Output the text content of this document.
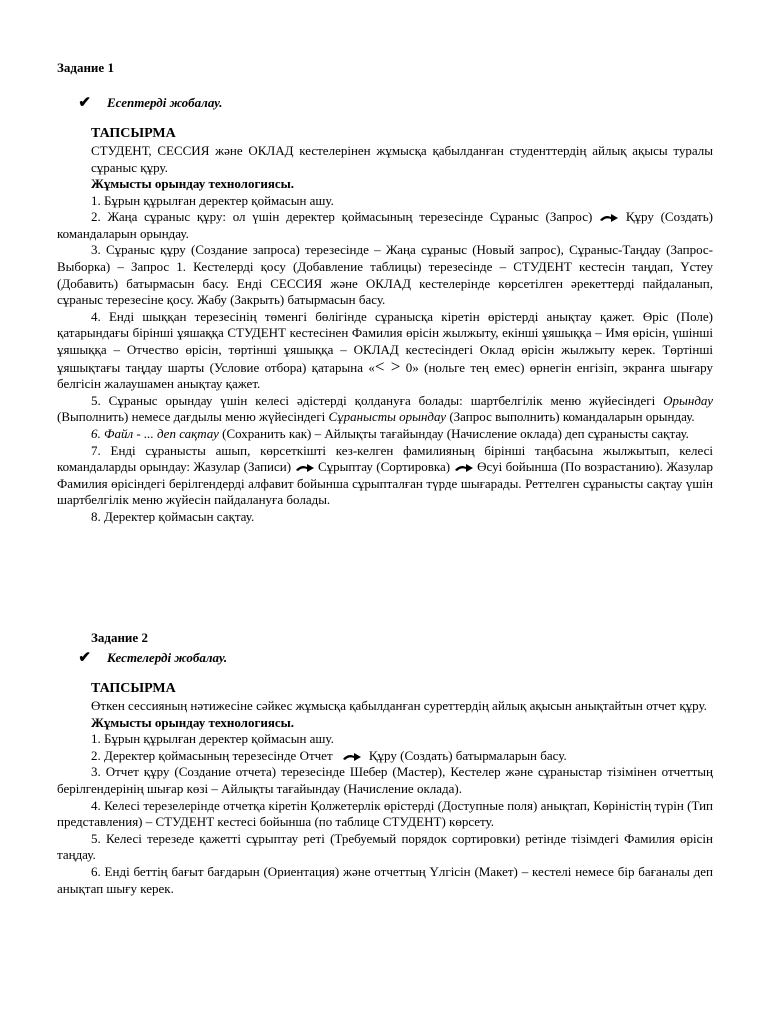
Задание 1
✔ Есептерді жобалау.
ТАПСЫРМА
СТУДЕНТ, СЕССИЯ және ОКЛАД кестелерінен жұмысқа қабылданған студенттердің айлық ақысы туралы сұраныс құру.
Жұмысты орындау технологиясы.
1. Бұрын құрылған деректер қоймасын ашу.
2. Жаңа сұраныс құру: ол үшін деректер қоймасының терезесінде Сұраныс (Запрос)	Құру (Создать) командаларын орындау.
3. Сұраныс құру (Создание запроса) терезесінде – Жаңа сұраныс (Новый запрос), Сұраныс-Таңдау (Запрос-Выборка) – Запрос 1. Кестелерді қосу (Добавление таблицы) терезесінде – СТУДЕНТ кестесін таңдап, Үстеу (Добавить) батырмасын басу. Енді СЕССИЯ және ОКЛАД кестелерінде көрсетілген әрекеттерді пайдаланып, сұраныс терезесіне қосу. Жабу (Закрыть) батырмасын басу.
4. Енді шыққан терезесінің төменгі бөлігінде сұранысқа кіретін өрістерді анықтау қажет. Өріс (Поле) қатарындағы бірінші ұяшаққа СТУДЕНТ кестесінен Фамилия өрісін жылжыту, екінші ұяшыққа – Имя өрісін, үшінші ұяшыққа – Отчество өрісін, төртінші ұяшыққа – ОКЛАД кестесіндегі Оклад өрісін жылжыту керек. Төртінші ұяшықтағы таңдау шарты (Условие отбора) қатарына «< > 0» (нольге тең емес) өрнегін енгізіп, экранға шығару белгісін жалаушамен анықтау қажет.
5. Сұраныс орындау үшін келесі әдістерді қолдануға болады: шартбелгілік меню жүйесіндегі Орындау (Выполнить) немесе дағдылы меню жүйесіндегі Сұранысты орындау (Запрос выполнить) командаларын орындау.
6. Файл - ... деп сақтау (Сохранить как) – Айлықты тағайындау (Начисление оклада) деп сұранысты сақтау.
7. Енді сұранысты ашып, көрсеткішті кез-келген фамилияның бірінші таңбасына жылжытып, келесі командаларды орындау: Жазулар (Записи) Сұрыптау (Сортировка) Өсуі бойынша (По возрастанию). Жазулар Фамилия өрісіндегі берілгендерді алфавит бойынша сұрыпталған түрде шығарады. Реттелген сұранысты сақтау үшін шартбелгілік меню жүйесін пайдалануға болады.
8. Деректер қоймасын сақтау.
Задание 2
✔ Кестелерді жобалау.
ТАПСЫРМА
Өткен сессияның нәтижесіне сәйкес жұмысқа қабылданған суреттердің айлық ақысын анықтайтын отчет құру.
Жұмысты орындау технологиясы.
1. Бұрын құрылған деректер қоймасын ашу.
2. Деректер қоймасының терезесінде Отчет	Құру (Создать) батырмаларын басу.
3. Отчет құру (Создание отчета) терезесінде Шебер (Мастер), Кестелер және сұраныстар тізімінен отчеттың берілгендерінің шығар көзі – Айлықты тағайындау (Начисление оклада).
4. Келесі терезелерінде отчетқа кіретін Қолжетерлік өрістерді (Доступные поля) анықтап, Көріністің түрін (Тип представления) – СТУДЕНТ кестесі бойынша (по таблице СТУДЕНТ) көрсету.
5. Келесі терезеде қажетті сұрыптау реті (Требуемый порядок сортировки) ретінде тізімдегі Фамилия өрісін таңдау.
6. Енді беттің бағыт бағдарын (Ориентация) және отчеттың Үлгісін (Макет) – кестелі немесе бір бағаналы деп анықтап шығу керек.
